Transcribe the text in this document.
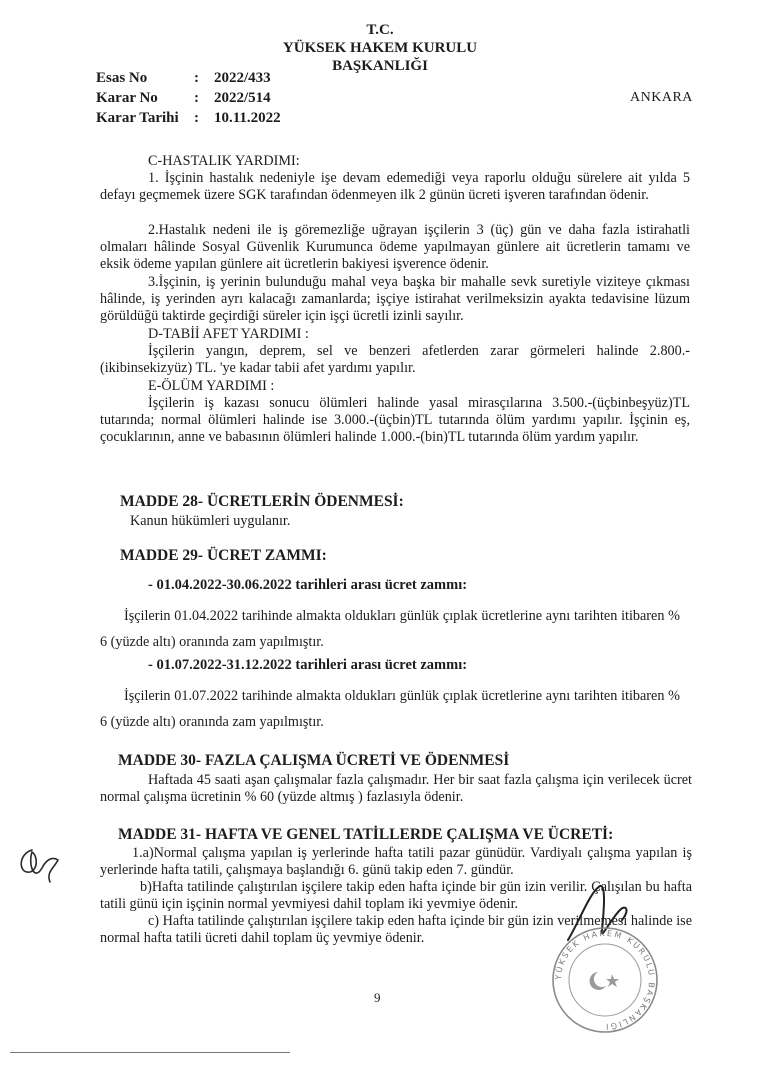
T.C.
YÜKSEK HAKEM KURULU
BAŞKANLIĞI
ANKARA
Esas No	: 2022/433
Karar No : 2022/514
Karar Tarihi : 10.11.2022
C-HASTALIK YARDIMI:
1. İşçinin hastalık nedeniyle işe devam edemediği veya raporlu olduğu sürelere ait yılda 5 defayı geçmemek üzere SGK tarafından ödenmeyen ilk 2 günün ücreti işveren tarafından ödenir.
2.Hastalık nedeni ile iş göremezliğe uğrayan işçilerin 3 (üç) gün ve daha fazla istirahatli olmaları hâlinde Sosyal Güvenlik Kurumunca ödeme yapılmayan günlere ait ücretlerin tamamı ve eksik ödeme yapılan günlere ait ücretlerin bakiyesi işverence ödenir.
3.İşçinin, iş yerinin bulunduğu mahal veya başka bir mahalle sevk suretiyle viziteye çıkması hâlinde, iş yerinden ayrı kalacağı zamanlarda; işçiye istirahat verilmeksizin ayakta tedavisine lüzum görüldüğü taktirde geçirdiği süreler için işçi ücretli izinli sayılır.
D-TABİİ AFET YARDIMI :
İşçilerin yangın, deprem, sel ve benzeri afetlerden zarar görmeleri halinde 2.800.-(ikibinsekizyüz) TL. 'ye kadar tabii afet yardımı yapılır.
E-ÖLÜM YARDIMI :
İşçilerin iş kazası sonucu ölümleri halinde yasal mirasçılarına 3.500.-(üçbinbeşyüz)TL tutarında; normal ölümleri halinde ise 3.000.-(üçbin)TL tutarında ölüm yardımı yapılır. İşçinin eş, çocuklarının, anne ve babasının ölümleri halinde 1.000.-(bin)TL tutarında ölüm yardım yapılır.
MADDE 28- ÜCRETLERİN ÖDENMESİ:
Kanun hükümleri uygulanır.
MADDE 29- ÜCRET ZAMMI:
- 01.04.2022-30.06.2022 tarihleri arası ücret zammı:
İşçilerin 01.04.2022 tarihinde almakta oldukları günlük çıplak ücretlerine aynı tarihten itibaren % 6 (yüzde altı) oranında zam yapılmıştır.
- 01.07.2022-31.12.2022 tarihleri arası ücret zammı:
İşçilerin 01.07.2022 tarihinde almakta oldukları günlük çıplak ücretlerine aynı tarihten itibaren % 6 (yüzde altı) oranında zam yapılmıştır.
MADDE 30- FAZLA ÇALIŞMA ÜCRETİ VE ÖDENMESİ
Haftada 45 saati aşan çalışmalar fazla çalışmadır. Her bir saat fazla çalışma için verilecek ücret normal çalışma ücretinin % 60 (yüzde altmış ) fazlasıyla ödenir.
MADDE 31- HAFTA VE GENEL TATİLLERDE ÇALIŞMA VE ÜCRETİ:
1.a)Normal çalışma yapılan iş yerlerinde hafta tatili pazar günüdür. Vardiyalı çalışma yapılan iş yerlerinde hafta tatili, çalışmaya başlandığı 6. günü takip eden 7. gündür.
b)Hafta tatilinde çalıştırılan işçilere takip eden hafta içinde bir gün izin verilir. Çalışılan bu hafta tatili günü için işçinin normal yevmiyesi dahil toplam iki yevmiye ödenir.
c) Hafta tatilinde çalıştırılan işçilere takip eden hafta içinde bir gün izin verilmemesi halinde ise normal hafta tatili ücreti dahil toplam üç yevmiye ödenir.
YÜKSEK HAKEM KURULU BAŞKANLIĞI
9
